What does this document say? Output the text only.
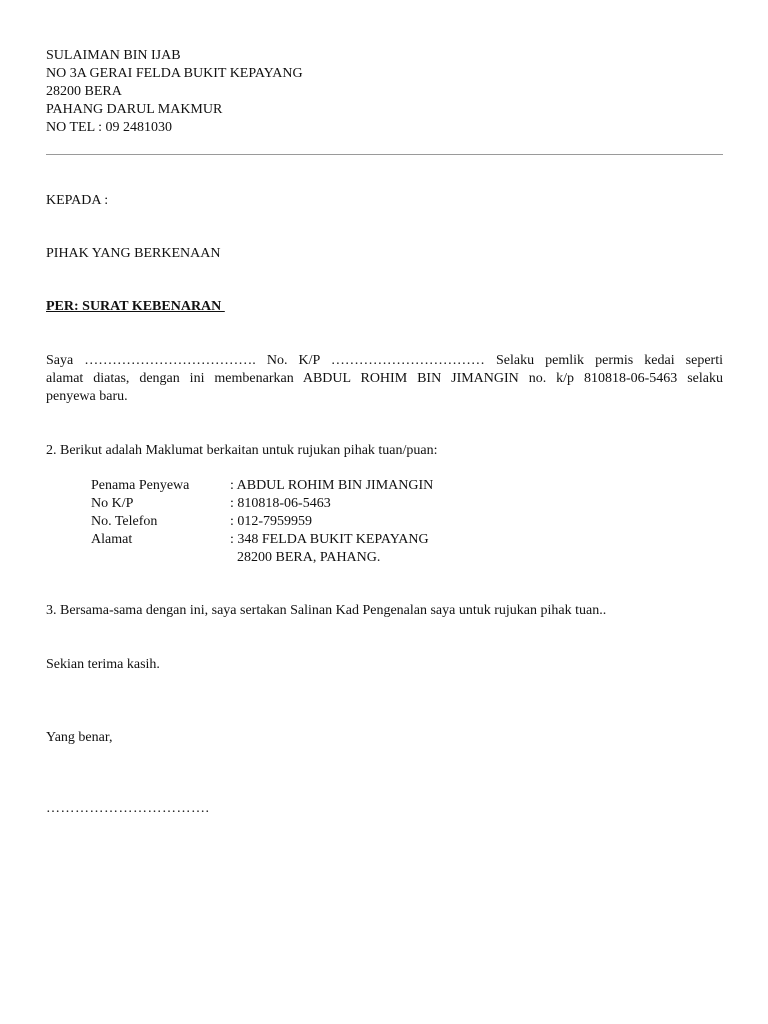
SULAIMAN BIN IJAB
NO 3A GERAI FELDA BUKIT KEPAYANG
28200 BERA
PAHANG DARUL MAKMUR
NO TEL : 09 2481030
KEPADA :
PIHAK YANG BERKENAAN
PER: SURAT KEBENARAN
Saya ………………………………. No. K/P …………………………… Selaku pemlik permis kedai seperti
alamat diatas, dengan ini membenarkan ABDUL ROHIM BIN JIMANGIN no. k/p 810818-06-5463 selaku
penyewa baru.
2. Berikut adalah Maklumat berkaitan untuk rujukan pihak tuan/puan:
Penama Penyewa	: ABDUL ROHIM BIN JIMANGIN
No K/P	: 810818-06-5463
No. Telefon	: 012-7959959
Alamat	: 348 FELDA BUKIT KEPAYANG
28200 BERA, PAHANG.
3. Bersama-sama dengan ini, saya sertakan Salinan Kad Pengenalan saya untuk rujukan pihak tuan..
Sekian terima kasih.
Yang benar,
…………………………….
